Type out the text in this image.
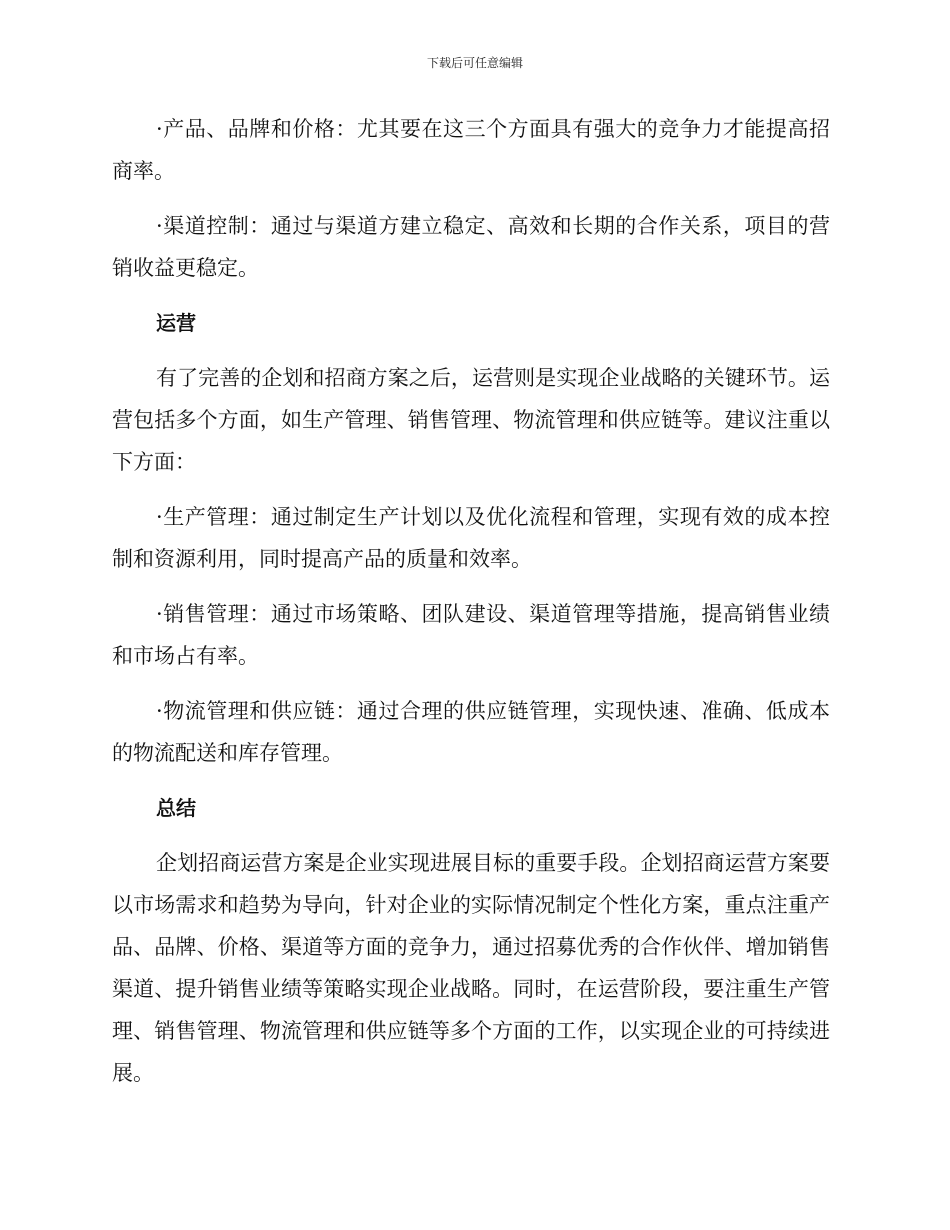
下载后可任意编辑

·产品、品牌和价格：尤其要在这三个方面具有强大的竞争力才能提高招商率。

·渠道控制：通过与渠道方建立稳定、高效和长期的合作关系，项目的营销收益更稳定。

运营

有了完善的企划和招商方案之后，运营则是实现企业战略的关键环节。运营包括多个方面，如生产管理、销售管理、物流管理和供应链等。建议注重以下方面：

·生产管理：通过制定生产计划以及优化流程和管理，实现有效的成本控制和资源利用，同时提高产品的质量和效率。

·销售管理：通过市场策略、团队建设、渠道管理等措施，提高销售业绩和市场占有率。

·物流管理和供应链：通过合理的供应链管理，实现快速、准确、低成本的物流配送和库存管理。

总结

企划招商运营方案是企业实现进展目标的重要手段。企划招商运营方案要以市场需求和趋势为导向，针对企业的实际情况制定个性化方案，重点注重产品、品牌、价格、渠道等方面的竞争力，通过招募优秀的合作伙伴、增加销售渠道、提升销售业绩等策略实现企业战略。同时，在运营阶段，要注重生产管理、销售管理、物流管理和供应链等多个方面的工作，以实现企业的可持续进展。
